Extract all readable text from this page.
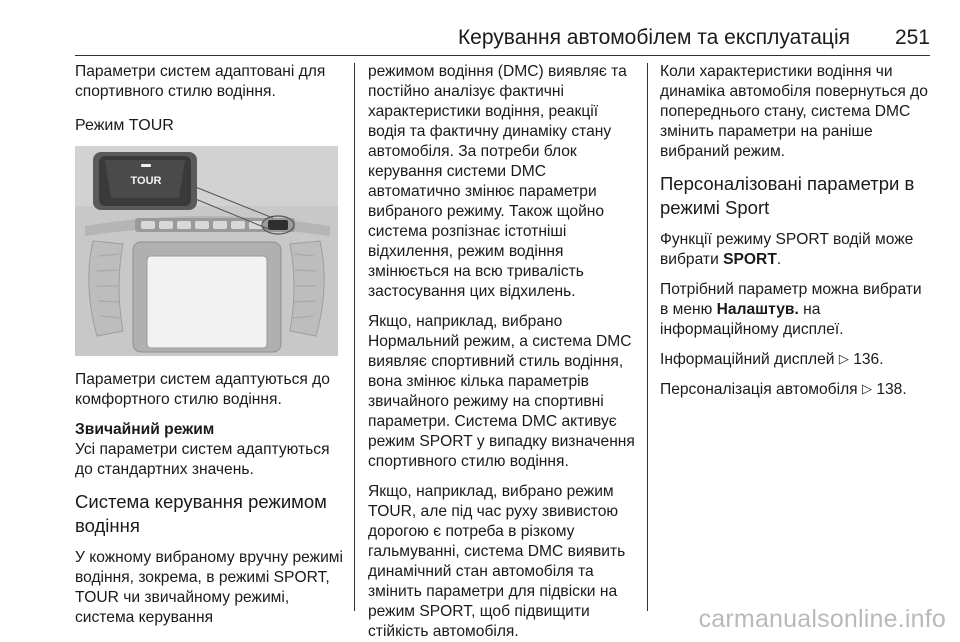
Керування автомобілем та експлуатація 251

Параметри систем адаптовані для спортивного стилю водіння.

Режим TOUR
TOUR

Параметри систем адаптуються до комфортного стилю водіння.

Звичайний режим

Усі параметри систем адаптуються до стандартних значень.

Система керування режимом водіння

У кожному вибраному вручну режимі водіння, зокрема, в режимі SPORT, TOUR чи звичайному режимі, система керування

режимом водіння (DMC) виявляє та постійно аналізує фактичні характеристики водіння, реакції водія та фактичну динаміку стану автомобіля. За потреби блок керування системи DMC автоматично змінює параметри вибраного режиму. Також щойно система розпізнає істотніші відхилення, режим водіння змінюється на всю тривалість застосування цих відхилень.

Якщо, наприклад, вибрано Нормальний режим, а система DMC виявляє спортивний стиль водіння, вона змінює кілька параметрів звичайного режиму на спортивні параметри. Система DMC активує режим SPORT у випадку визначення спортивного стилю водіння.

Якщо, наприклад, вибрано режим TOUR, але під час руху звивистою дорогою є потреба в різкому гальмуванні, система DMC виявить динамічний стан автомобіля та змінить параметри для підвіски на режим SPORT, щоб підвищити стійкість автомобіля.

Коли характеристики водіння чи динаміка автомобіля повернуться до попереднього стану, система DMC змінить параметри на раніше вибраний режим.

Персоналізовані параметри в режимі Sport

Функції режиму SPORT водій може вибрати SPORT.

Потрібний параметр можна вибрати в меню Налаштув. на інформаційному дисплеї.

Інформаційний дисплей ▷ 136.

Персоналізація автомобіля ▷ 138.

carmanualsonline.info
